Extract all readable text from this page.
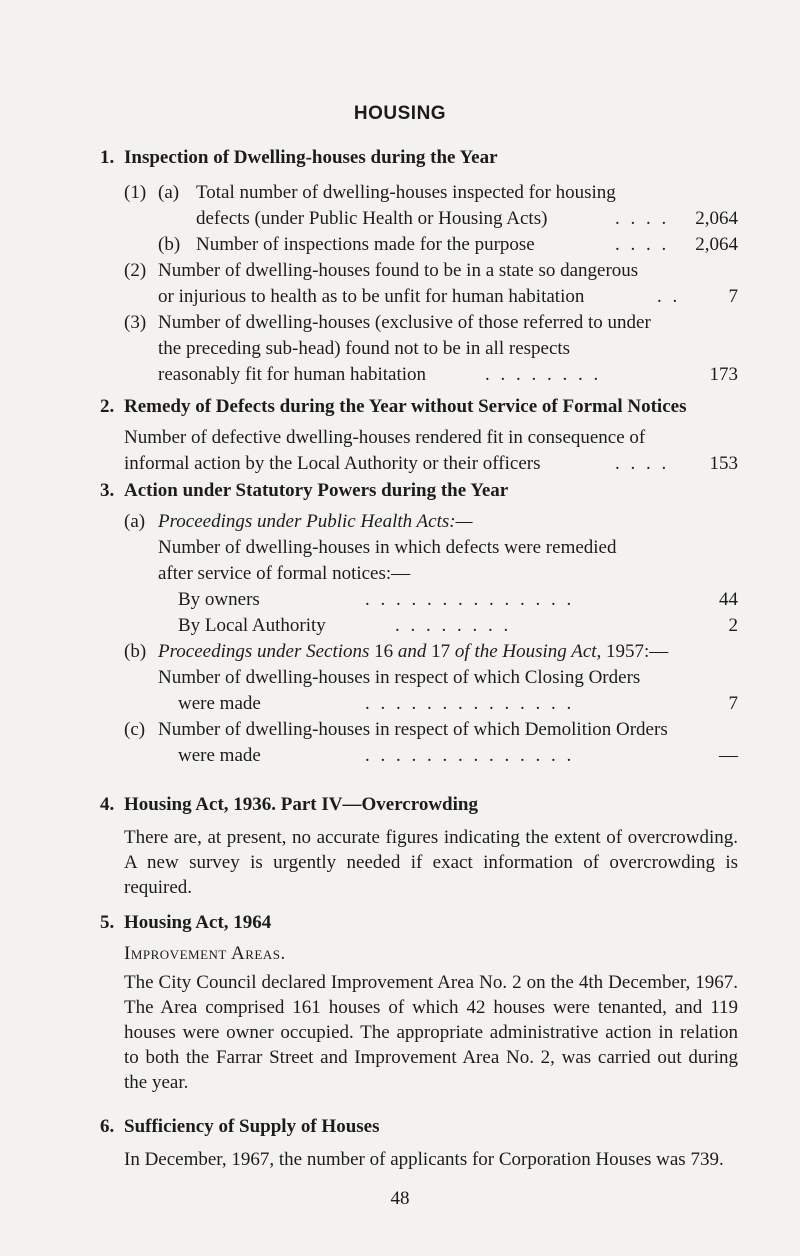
HOUSING
1. Inspection of Dwelling-houses during the Year
(1) (a) Total number of dwelling-houses inspected for housing
defects (under Public Health or Housing Acts)	. . . . 2,064
(b) Number of inspections made for the purpose	. . . . 2,064
(2) Number of dwelling-houses found to be in a state so dangerous
or injurious to health as to be unfit for human habitation	. .	7
(3) Number of dwelling-houses (exclusive of those referred to under
the preceding sub-head) found not to be in all respects
reasonably fit for human habitation	. . . . . . . .	173
2. Remedy of Defects during the Year without Service of Formal Notices
Number of defective dwelling-houses rendered fit in consequence of
informal action by the Local Authority or their officers	. . . . 153
3. Action under Statutory Powers during the Year
(a) Proceedings under Public Health Acts:—
Number of dwelling-houses in which defects were remedied
after service of formal notices:—
By owners	. . . . . . . . . . . . . .	44
By Local Authority	. . . . . . . .	2
(b) Proceedings under Sections 16 and 17 of the Housing Act, 1957:—
Number of dwelling-houses in respect of which Closing Orders
were made	. . . . . . . . . . . . . .	7
(c) Number of dwelling-houses in respect of which Demolition Orders
were made	. . . . . . . . . . . . . .	—
4. Housing Act, 1936. Part IV—Overcrowding
There are, at present, no accurate figures indicating the extent of overcrowding. A new survey is urgently needed if exact information of overcrowding is required.
5. Housing Act, 1964
Improvement Areas.
The City Council declared Improvement Area No. 2 on the 4th December, 1967. The Area comprised 161 houses of which 42 houses were tenanted, and 119 houses were owner occupied. The appropriate administrative action in relation to both the Farrar Street and Improvement Area No. 2, was carried out during the year.
6. Sufficiency of Supply of Houses
In December, 1967, the number of applicants for Corporation Houses was 739.
48
